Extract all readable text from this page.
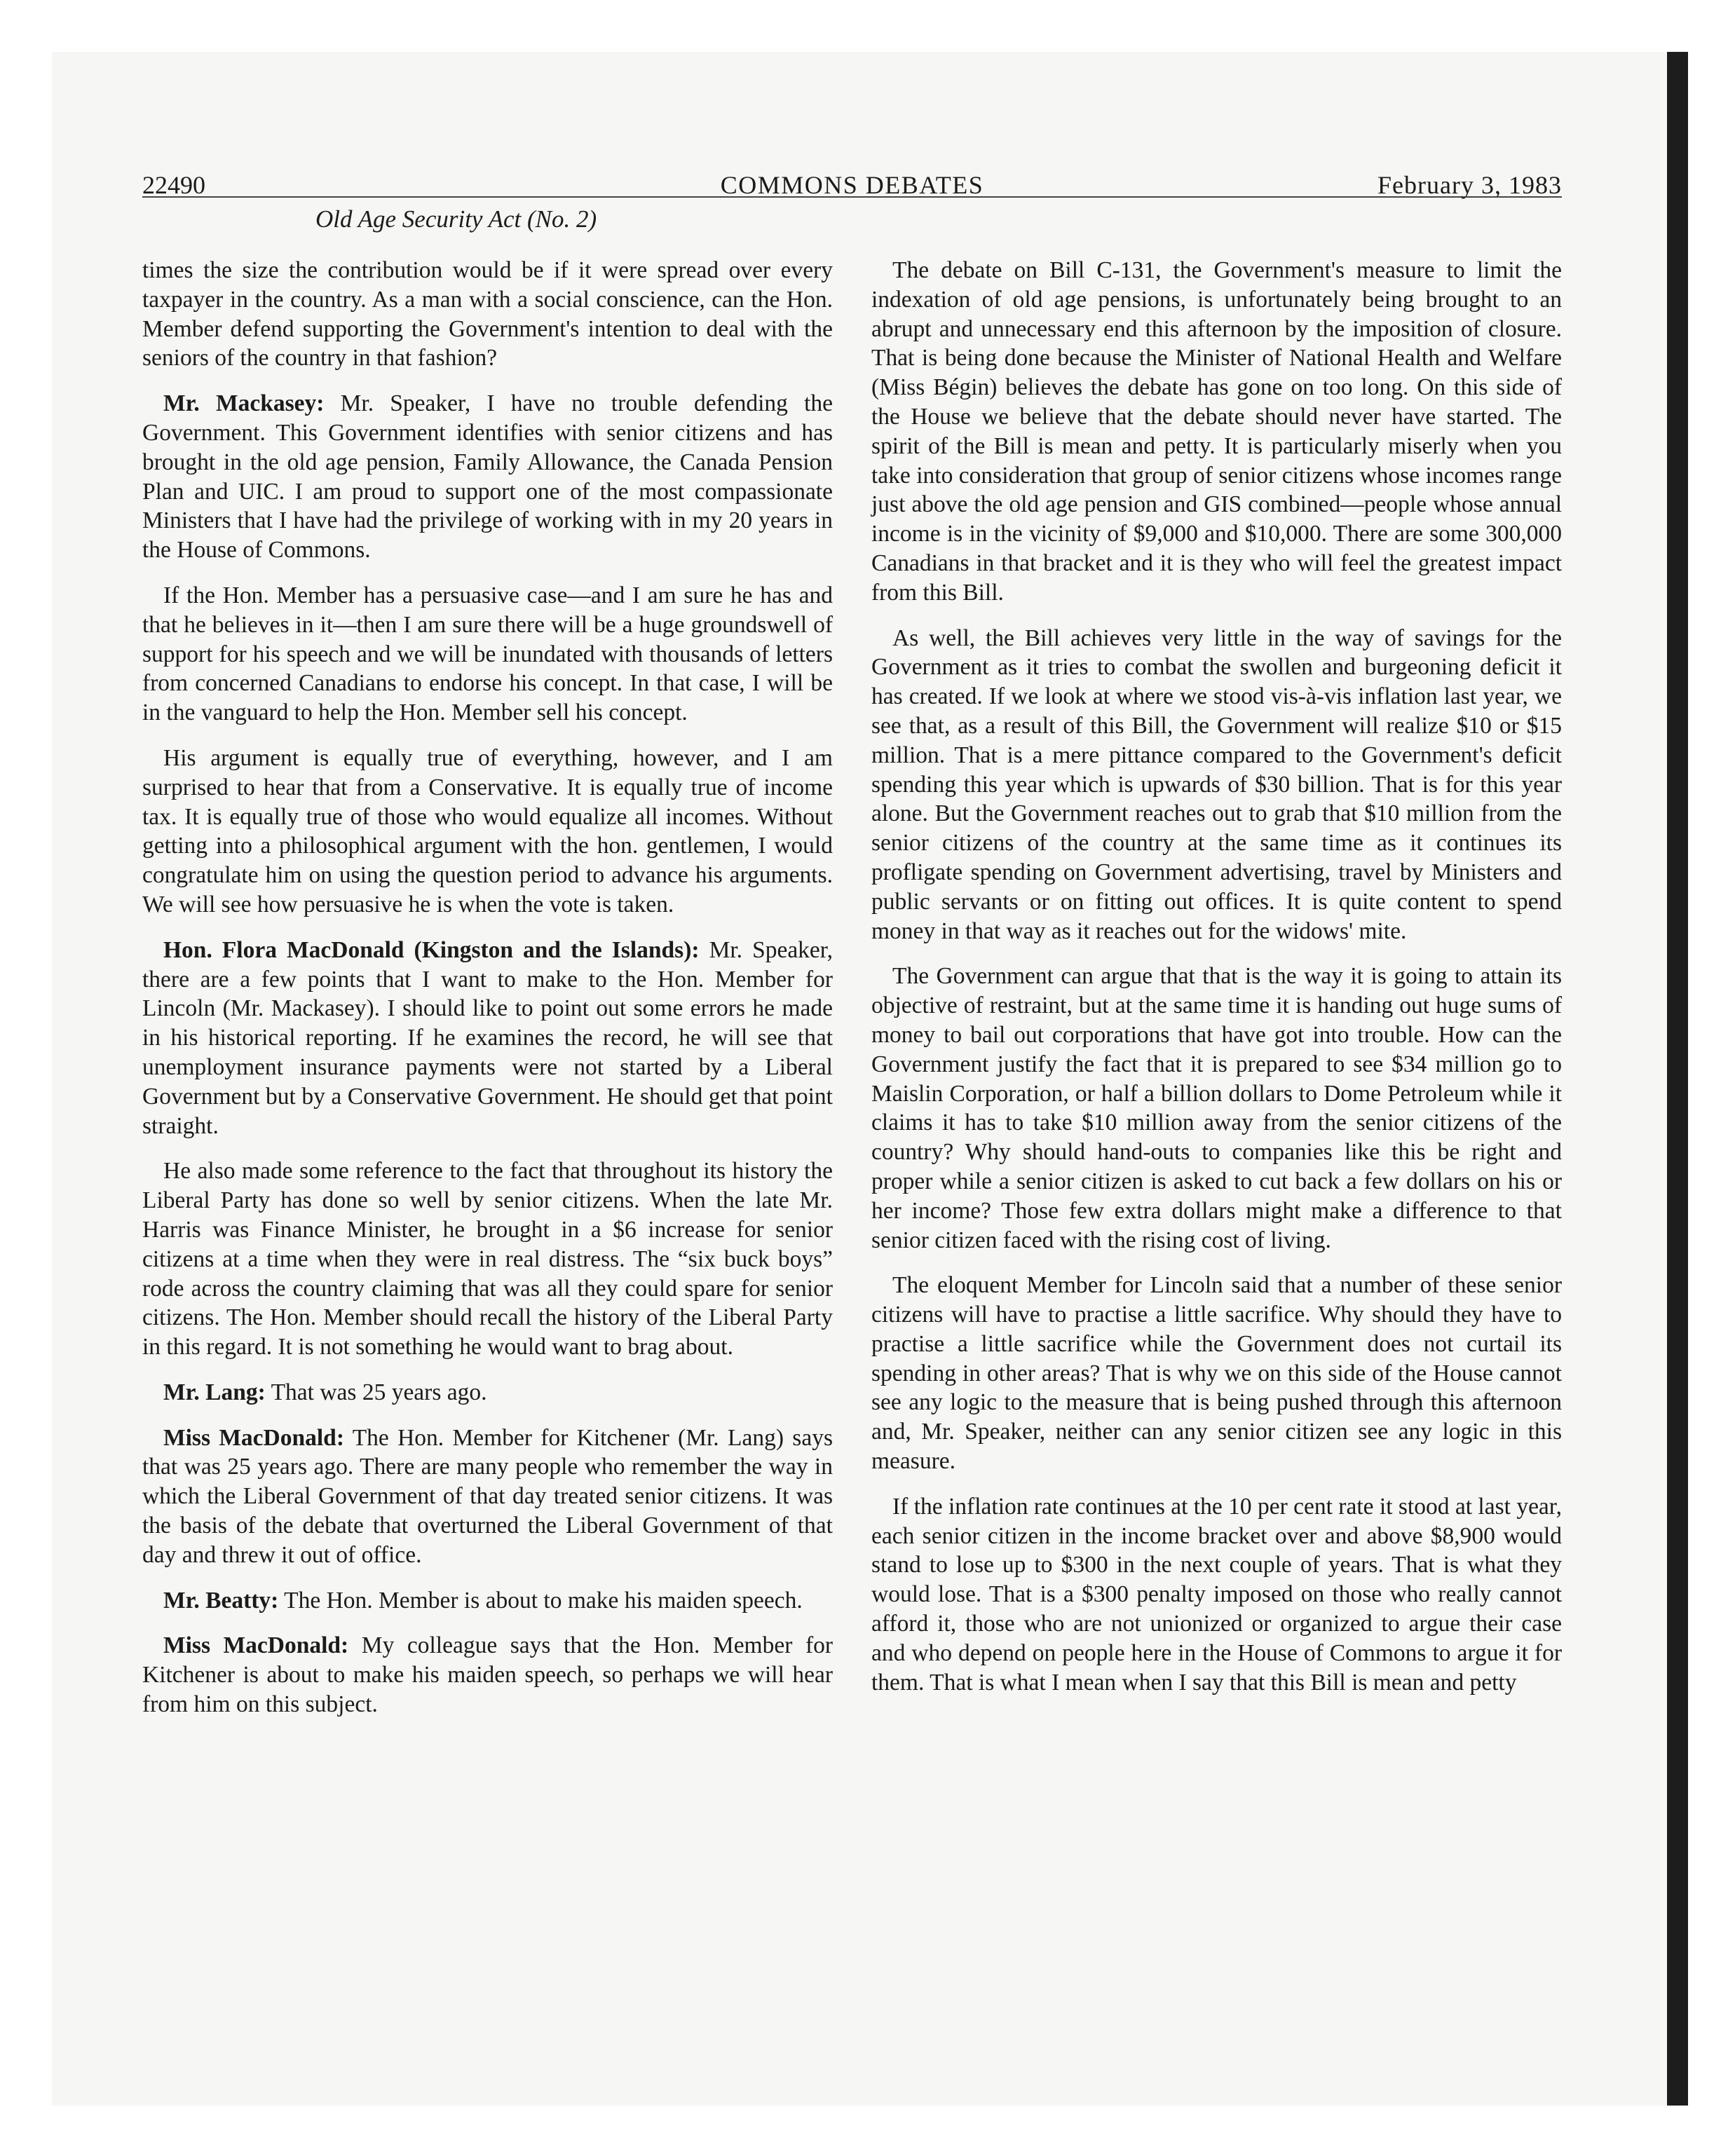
22490	COMMONS DEBATES	February 3, 1983
Old Age Security Act (No. 2)

times the size the contribution would be if it were spread over every taxpayer in the country. As a man with a social conscience, can the Hon. Member defend supporting the Government's intention to deal with the seniors of the country in that fashion?

Mr. Mackasey: Mr. Speaker, I have no trouble defending the Government. This Government identifies with senior citizens and has brought in the old age pension, Family Allowance, the Canada Pension Plan and UIC. I am proud to support one of the most compassionate Ministers that I have had the privilege of working with in my 20 years in the House of Commons.

If the Hon. Member has a persuasive case—and I am sure he has and that he believes in it—then I am sure there will be a huge groundswell of support for his speech and we will be inundated with thousands of letters from concerned Canadians to endorse his concept. In that case, I will be in the vanguard to help the Hon. Member sell his concept.

His argument is equally true of everything, however, and I am surprised to hear that from a Conservative. It is equally true of income tax. It is equally true of those who would equalize all incomes. Without getting into a philosophical argument with the hon. gentlemen, I would congratulate him on using the question period to advance his arguments. We will see how persuasive he is when the vote is taken.

Hon. Flora MacDonald (Kingston and the Islands): Mr. Speaker, there are a few points that I want to make to the Hon. Member for Lincoln (Mr. Mackasey). I should like to point out some errors he made in his historical reporting. If he examines the record, he will see that unemployment insurance payments were not started by a Liberal Government but by a Conservative Government. He should get that point straight.

He also made some reference to the fact that throughout its history the Liberal Party has done so well by senior citizens. When the late Mr. Harris was Finance Minister, he brought in a $6 increase for senior citizens at a time when they were in real distress. The “six buck boys” rode across the country claiming that was all they could spare for senior citizens. The Hon. Member should recall the history of the Liberal Party in this regard. It is not something he would want to brag about.

Mr. Lang: That was 25 years ago.

Miss MacDonald: The Hon. Member for Kitchener (Mr. Lang) says that was 25 years ago. There are many people who remember the way in which the Liberal Government of that day treated senior citizens. It was the basis of the debate that overturned the Liberal Government of that day and threw it out of office.

Mr. Beatty: The Hon. Member is about to make his maiden speech.

Miss MacDonald: My colleague says that the Hon. Member for Kitchener is about to make his maiden speech, so perhaps we will hear from him on this subject.

The debate on Bill C-131, the Government's measure to limit the indexation of old age pensions, is unfortunately being brought to an abrupt and unnecessary end this afternoon by the imposition of closure. That is being done because the Minister of National Health and Welfare (Miss Bégin) believes the debate has gone on too long. On this side of the House we believe that the debate should never have started. The spirit of the Bill is mean and petty. It is particularly miserly when you take into consideration that group of senior citizens whose incomes range just above the old age pension and GIS combined—people whose annual income is in the vicinity of $9,000 and $10,000. There are some 300,000 Canadians in that bracket and it is they who will feel the greatest impact from this Bill.

As well, the Bill achieves very little in the way of savings for the Government as it tries to combat the swollen and burgeoning deficit it has created. If we look at where we stood vis-à-vis inflation last year, we see that, as a result of this Bill, the Government will realize $10 or $15 million. That is a mere pittance compared to the Government's deficit spending this year which is upwards of $30 billion. That is for this year alone. But the Government reaches out to grab that $10 million from the senior citizens of the country at the same time as it continues its profligate spending on Government advertising, travel by Ministers and public servants or on fitting out offices. It is quite content to spend money in that way as it reaches out for the widows' mite.

The Government can argue that that is the way it is going to attain its objective of restraint, but at the same time it is handing out huge sums of money to bail out corporations that have got into trouble. How can the Government justify the fact that it is prepared to see $34 million go to Maislin Corporation, or half a billion dollars to Dome Petroleum while it claims it has to take $10 million away from the senior citizens of the country? Why should hand-outs to companies like this be right and proper while a senior citizen is asked to cut back a few dollars on his or her income? Those few extra dollars might make a difference to that senior citizen faced with the rising cost of living.

The eloquent Member for Lincoln said that a number of these senior citizens will have to practise a little sacrifice. Why should they have to practise a little sacrifice while the Government does not curtail its spending in other areas? That is why we on this side of the House cannot see any logic to the measure that is being pushed through this afternoon and, Mr. Speaker, neither can any senior citizen see any logic in this measure.

If the inflation rate continues at the 10 per cent rate it stood at last year, each senior citizen in the income bracket over and above $8,900 would stand to lose up to $300 in the next couple of years. That is what they would lose. That is a $300 penalty imposed on those who really cannot afford it, those who are not unionized or organized to argue their case and who depend on people here in the House of Commons to argue it for them. That is what I mean when I say that this Bill is mean and petty
